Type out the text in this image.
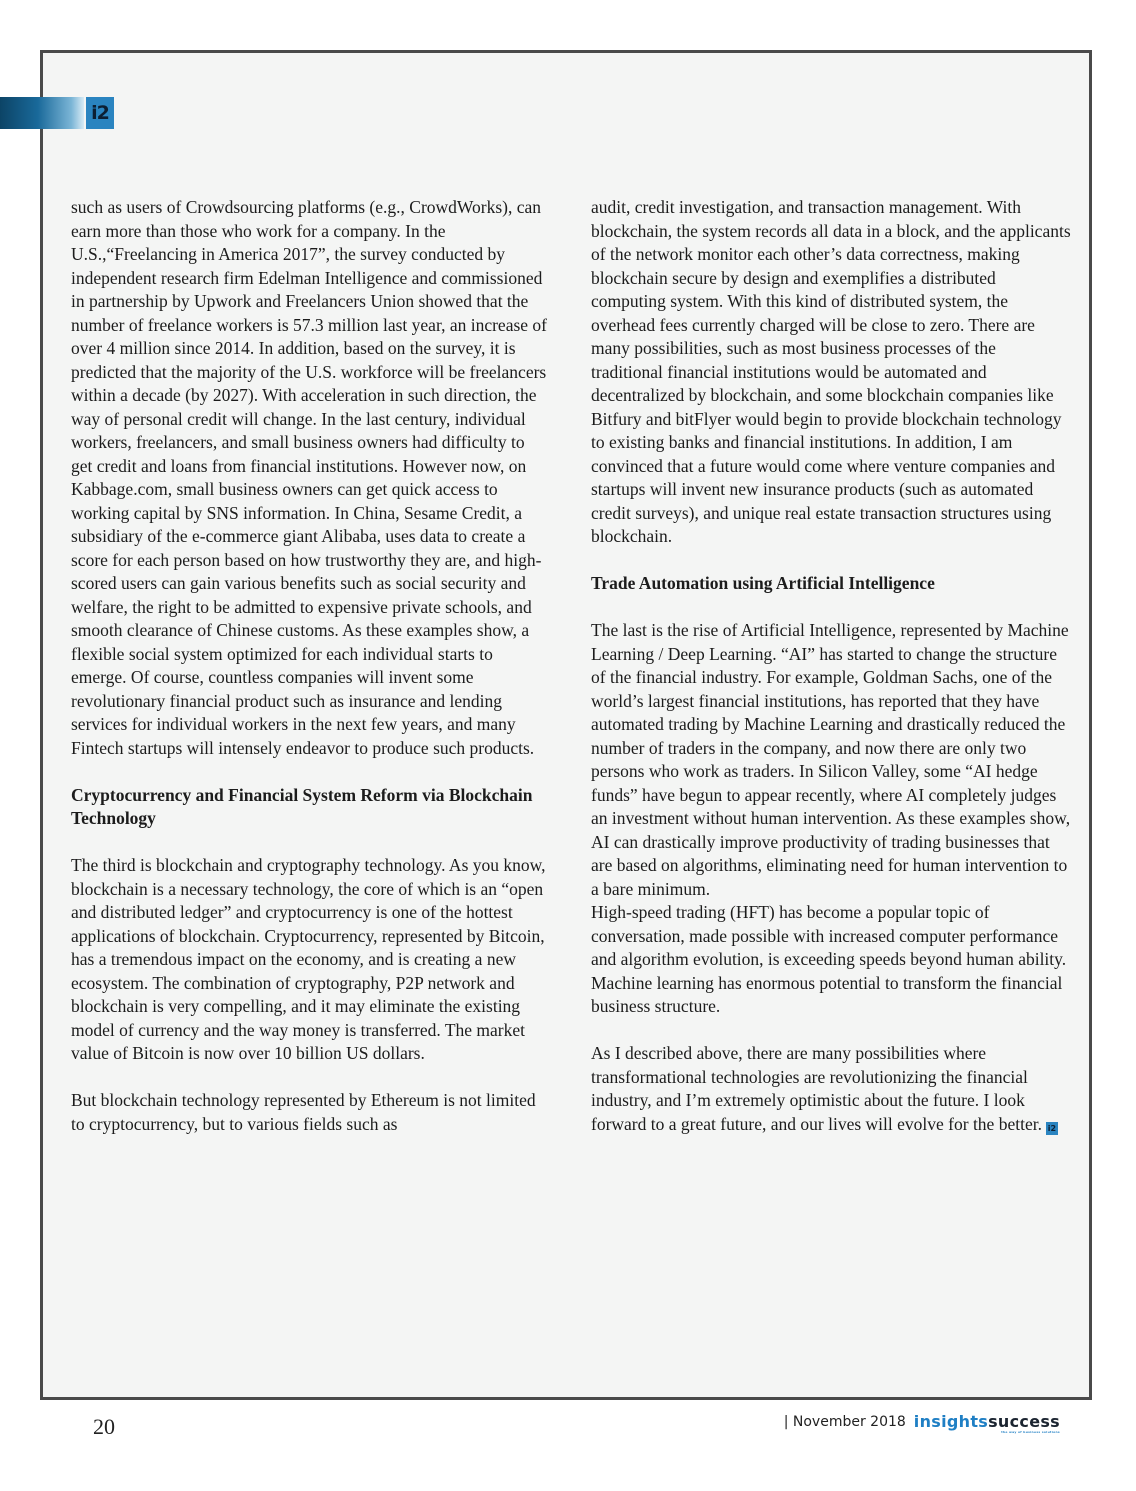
i2

such as users of Crowdsourcing platforms (e.g., CrowdWorks), can earn more than those who work for a company. In the U.S.,“Freelancing in America 2017”, the survey conducted by independent research firm Edelman Intelligence and commissioned in partnership by Upwork and Freelancers Union showed that the number of freelance workers is 57.3 million last year, an increase of over 4 million since 2014. In addition, based on the survey, it is predicted that the majority of the U.S. workforce will be freelancers within a decade (by 2027). With acceleration in such direction, the way of personal credit will change. In the last century, individual workers, freelancers, and small business owners had difficulty to get credit and loans from financial institutions. However now, on Kabbage.com, small business owners can get quick access to working capital by SNS information. In China, Sesame Credit, a subsidiary of the e-commerce giant Alibaba, uses data to create a score for each person based on how trustworthy they are, and high-scored users can gain various benefits such as social security and welfare, the right to be admitted to expensive private schools, and smooth clearance of Chinese customs. As these examples show, a flexible social system optimized for each individual starts to emerge. Of course, countless companies will invent some revolutionary financial product such as insurance and lending services for individual workers in the next few years, and many Fintech startups will intensely endeavor to produce such products.

Cryptocurrency and Financial System Reform via Blockchain Technology

The third is blockchain and cryptography technology. As you know, blockchain is a necessary technology, the core of which is an “open and distributed ledger” and cryptocurrency is one of the hottest applications of blockchain. Cryptocurrency, represented by Bitcoin, has a tremendous impact on the economy, and is creating a new ecosystem. The combination of cryptography, P2P network and blockchain is very compelling, and it may eliminate the existing model of currency and the way money is transferred. The market value of Bitcoin is now over 10 billion US dollars.

But blockchain technology represented by Ethereum is not limited to cryptocurrency, but to various fields such as

audit, credit investigation, and transaction management. With blockchain, the system records all data in a block, and the applicants of the network monitor each other’s data correctness, making blockchain secure by design and exemplifies a distributed computing system. With this kind of distributed system, the overhead fees currently charged will be close to zero. There are many possibilities, such as most business processes of the traditional financial institutions would be automated and decentralized by blockchain, and some blockchain companies like Bitfury and bitFlyer would begin to provide blockchain technology to existing banks and financial institutions. In addition, I am convinced that a future would come where venture companies and startups will invent new insurance products (such as automated credit surveys), and unique real estate transaction structures using blockchain.

Trade Automation using Artificial Intelligence

The last is the rise of Artificial Intelligence, represented by Machine Learning / Deep Learning. “AI” has started to change the structure of the financial industry. For example, Goldman Sachs, one of the world’s largest financial institutions, has reported that they have automated trading by Machine Learning and drastically reduced the number of traders in the company, and now there are only two persons who work as traders. In Silicon Valley, some “AI hedge funds” have begun to appear recently, where AI completely judges an investment without human intervention. As these examples show, AI can drastically improve productivity of trading businesses that are based on algorithms, eliminating need for human intervention to a bare minimum.

High-speed trading (HFT) has become a popular topic of conversation, made possible with increased computer performance and algorithm evolution, is exceeding speeds beyond human ability. Machine learning has enormous potential to transform the financial business structure.

As I described above, there are many possibilities where transformational technologies are revolutionizing the financial industry, and I’m extremely optimistic about the future. I look forward to a great future, and our lives will evolve for the better. i2

20	| November 2018 insightssuccess
the way of business solutions
